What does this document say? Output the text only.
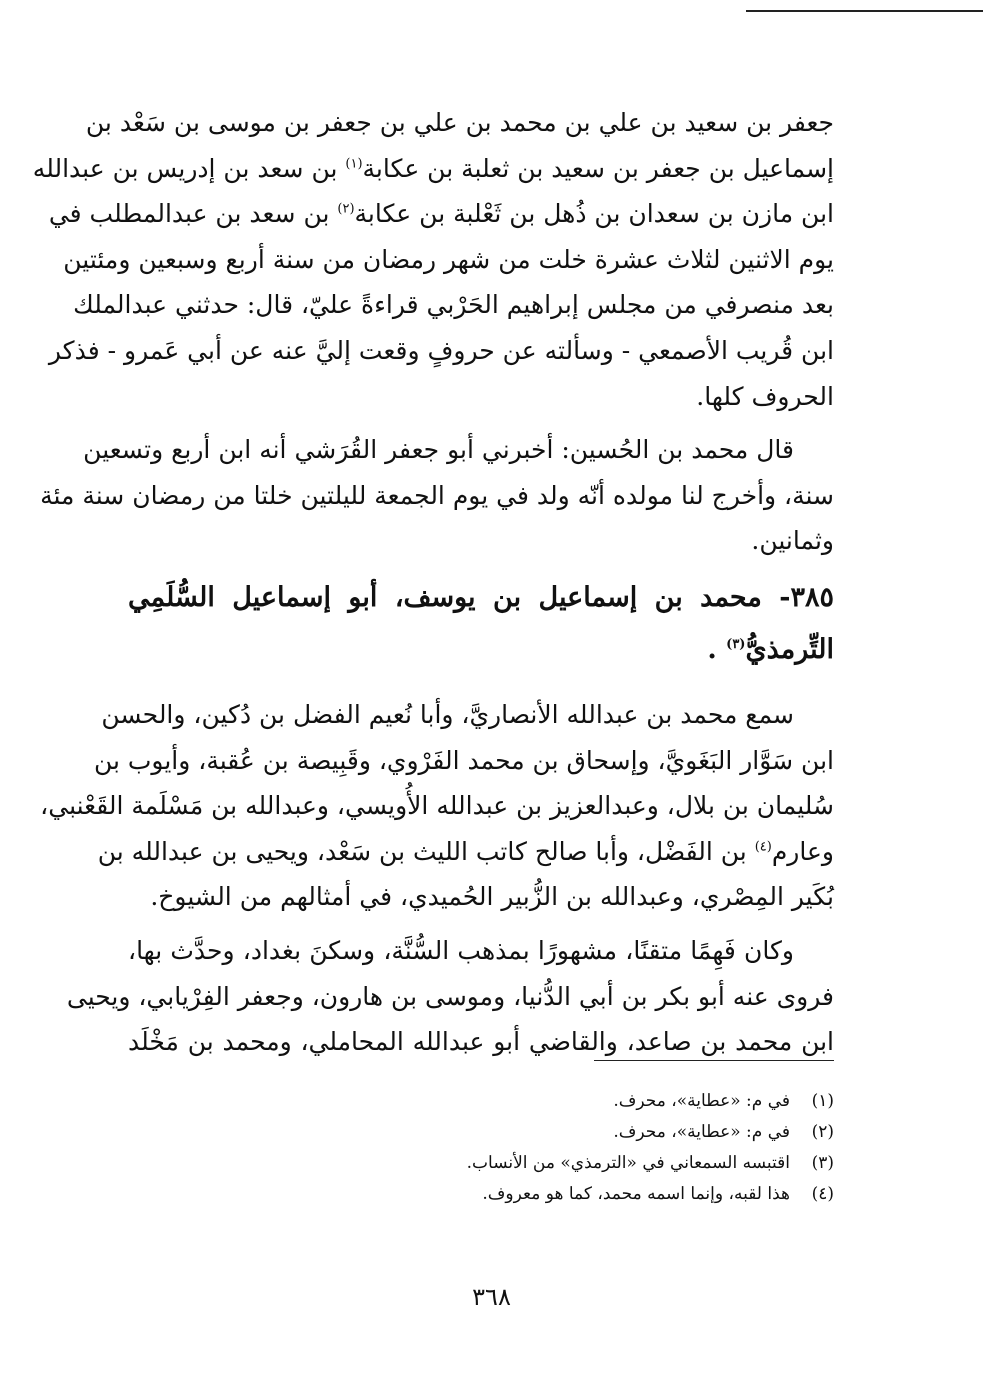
جعفر بن سعيد بن علي بن محمد بن علي بن جعفر بن موسى بن سَعْد بن
إسماعيل بن جعفر بن سعيد بن ثعلبة بن عكابة$^{(١)}$ بن سعد بن إدريس بن عبدالله
ابن مازن بن سعدان بن ذُهل بن ثَعْلبة بن عكابة$^{(٢)}$ بن سعد بن عبدالمطلب في
يوم الاثنين لثلاث عشرة خلت من شهر رمضان من سنة أربع وسبعين ومئتين
بعد منصرفي من مجلس إبراهيم الحَرْبي قراءةً عليّ، قال: حدثني عبدالملك
ابن قُريب الأصمعي - وسألته عن حروفٍ وقعت إليَّ عنه عن أبي عَمرو - فذكر
الحروف كلها.
قال محمد بن الحُسين: أخبرني أبو جعفر القُرَشي أنه ابن أربع وتسعين
سنة، وأخرج لنا مولده أنّه ولد في يوم الجمعة لليلتين خلتا من رمضان سنة مئة
وثمانين.
٣٨٥- محمد بن إسماعيل بن يوسف، أبو إسماعيل السُّلَمِي
التِّرمذيُّ$^{(٣)}$ .
سمع محمد بن عبدالله الأنصاريَّ، وأبا نُعيم الفضل بن دُكين، والحسن
ابن سَوَّار البَغَويَّ، وإسحاق بن محمد الفَرْوي، وقَبِيصة بن عُقبة، وأيوب بن
سُليمان بن بلال، وعبدالعزيز بن عبدالله الأُويسي، وعبدالله بن مَسْلَمة القَعْنبي،
وعارم$^{(٤)}$ بن الفَضْل، وأبا صالح كاتب الليث بن سَعْد، ويحيى بن عبدالله بن
بُكَير المِصْري، وعبدالله بن الزُّبير الحُميدي، في أمثالهم من الشيوخ.
وكان فَهِمًا متقنًا، مشهورًا بمذهب السُّنَّة، وسكنَ بغداد، وحدَّث بها،
فروى عنه أبو بكر بن أبي الدُّنيا، وموسى بن هارون، وجعفر الفِرْيابي، ويحيى
ابن محمد بن صاعد، والقاضي أبو عبدالله المحاملي، ومحمد بن مَخْلَد
(١)في م: «عطاية»، محرف.
(٢)في م: «عطاية»، محرف.
(٣)اقتبسه السمعاني في «الترمذي» من الأنساب.
(٤)هذا لقبه، وإنما اسمه محمد، كما هو معروف.
٣٦٨
